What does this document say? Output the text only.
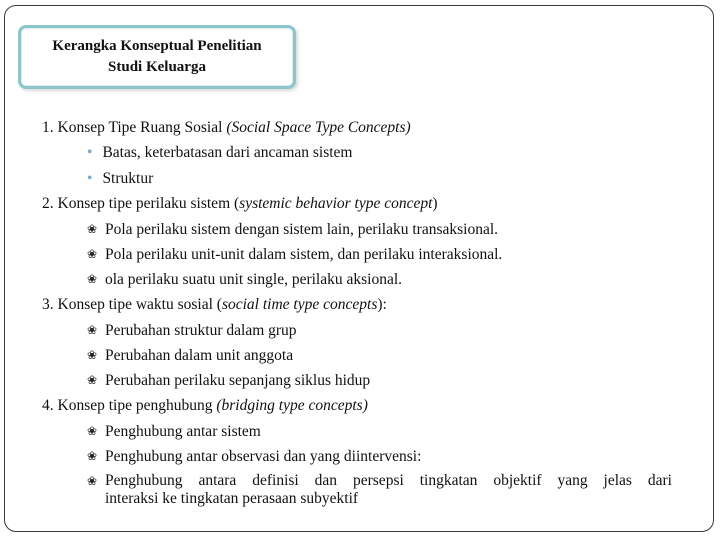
Kerangka Konseptual Penelitian
Studi Keluarga
1. Konsep Tipe Ruang Sosial (Social Space Type Concepts)
• Batas, keterbatasan dari ancaman sistem
• Struktur
2. Konsep tipe perilaku sistem (systemic behavior type concept)
❀ Pola perilaku sistem dengan sistem lain, perilaku transaksional.
❀ Pola perilaku unit-unit dalam sistem, dan perilaku interaksional.
❀ ola perilaku suatu unit single, perilaku aksional.
3. Konsep tipe waktu sosial (social time type concepts):
❀ Perubahan struktur dalam grup
❀ Perubahan dalam unit anggota
❀ Perubahan perilaku sepanjang siklus hidup
4. Konsep tipe penghubung (bridging type concepts)
❀ Penghubung antar sistem
❀ Penghubung antar observasi dan yang diintervensi:
❀ Penghubung antara definisi dan persepsi tingkatan objektif yang jelas dari
interaksi ke tingkatan perasaan subyektif
